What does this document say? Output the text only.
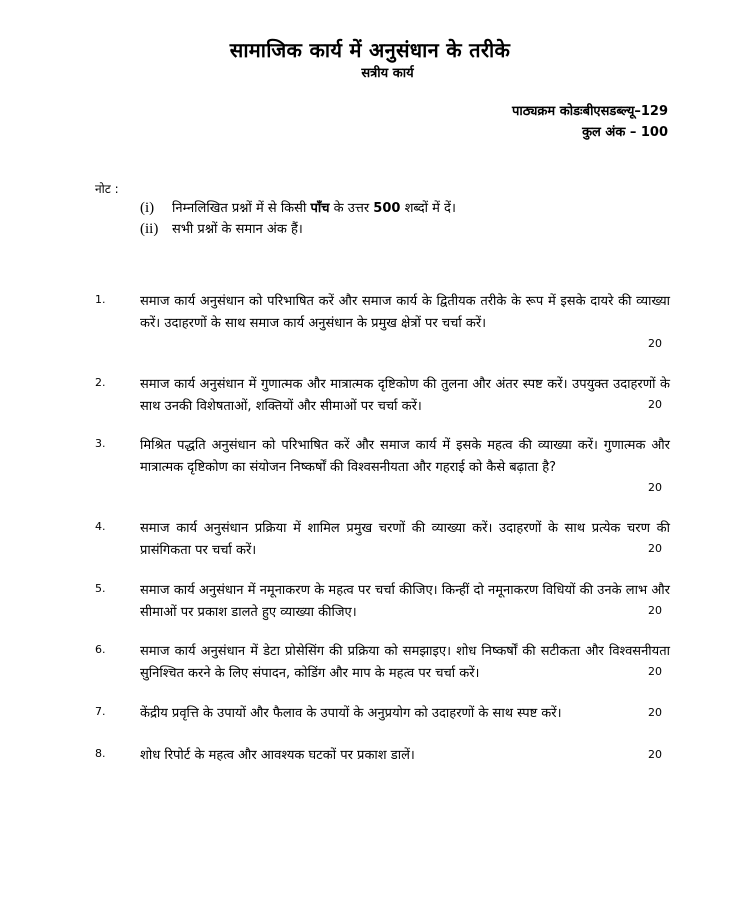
सामाजिक कार्य में अनुसंधान के तरीके
सत्रीय कार्य
पाठ्यक्रम कोडःबीएसडब्ल्यू–129
कुल अंक – 100
नोट :
(i) निम्नलिखित प्रश्नों में से किसी पाँच के उत्तर 500 शब्दों में दें।
(ii) सभी प्रश्नों के समान अंक हैं।
1.	समाज कार्य अनुसंधान को परिभाषित करें और समाज कार्य के द्वितीयक तरीके के रूप में इसके दायरे की व्याख्या करें। उदाहरणों के साथ समाज कार्य अनुसंधान के प्रमुख क्षेत्रों पर चर्चा करें।
20
2.	समाज कार्य अनुसंधान में गुणात्मक और मात्रात्मक दृष्टिकोण की तुलना और अंतर स्पष्ट करें। उपयुक्त उदाहरणों के साथ उनकी विशेषताओं, शक्तियों और सीमाओं पर चर्चा करें।	20
3.	मिश्रित पद्धति अनुसंधान को परिभाषित करें और समाज कार्य में इसके महत्व की व्याख्या करें। गुणात्मक और मात्रात्मक दृष्टिकोण का संयोजन निष्कर्षों की विश्वसनीयता और गहराई को कैसे बढ़ाता है?
20
4.	समाज कार्य अनुसंधान प्रक्रिया में शामिल प्रमुख चरणों की व्याख्या करें। उदाहरणों के साथ प्रत्येक चरण की प्रासंगिकता पर चर्चा करें।	20
5.	समाज कार्य अनुसंधान में नमूनाकरण के महत्व पर चर्चा कीजिए। किन्हीं दो नमूनाकरण विधियों की उनके लाभ और सीमाओं पर प्रकाश डालते हुए व्याख्या कीजिए।	20
6.	समाज कार्य अनुसंधान में डेटा प्रोसेसिंग की प्रक्रिया को समझाइए। शोध निष्कर्षों की सटीकता और विश्वसनीयता सुनिश्चित करने के लिए संपादन, कोडिंग और माप के महत्व पर चर्चा करें।	20
7.	केंद्रीय प्रवृत्ति के उपायों और फैलाव के उपायों के अनुप्रयोग को उदाहरणों के साथ स्पष्ट करें।	20
8.	शोध रिपोर्ट के महत्व और आवश्यक घटकों पर प्रकाश डालें।	20
